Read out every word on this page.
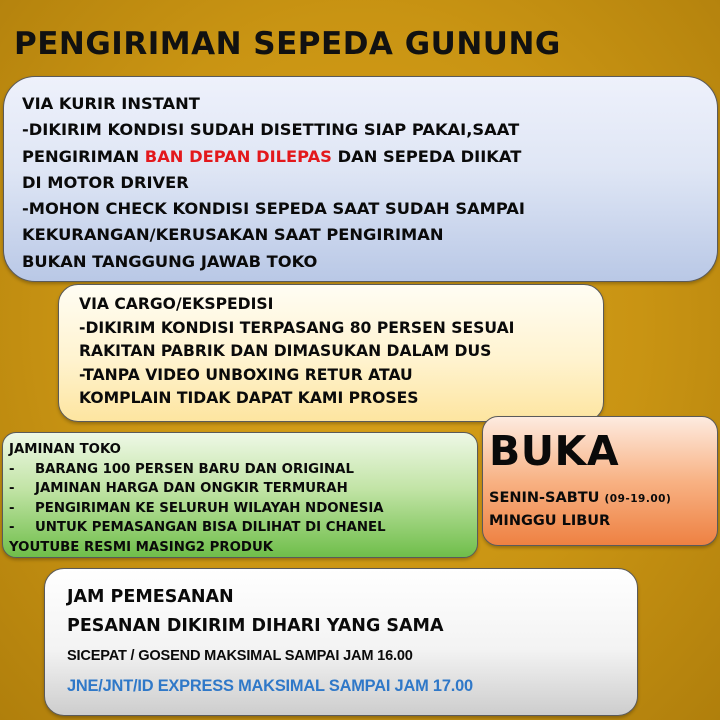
PENGIRIMAN SEPEDA GUNUNG
VIA KURIR INSTANT
-DIKIRIM KONDISI SUDAH DISETTING SIAP PAKAI,SAAT
PENGIRIMAN BAN DEPAN DILEPAS DAN SEPEDA DIIKAT
DI MOTOR DRIVER
-MOHON CHECK KONDISI SEPEDA SAAT SUDAH SAMPAI
KEKURANGAN/KERUSAKAN SAAT PENGIRIMAN
BUKAN TANGGUNG JAWAB TOKO
VIA CARGO/EKSPEDISI
-DIKIRIM KONDISI TERPASANG 80 PERSEN SESUAI
RAKITAN PABRIK DAN DIMASUKAN DALAM DUS
-TANPA VIDEO UNBOXING RETUR ATAU
KOMPLAIN TIDAK DAPAT KAMI PROSES
JAMINAN TOKO
- BARANG 100 PERSEN BARU DAN ORIGINAL
- JAMINAN HARGA DAN ONGKIR TERMURAH
- PENGIRIMAN KE SELURUH WILAYAH NDONESIA
- UNTUK PEMASANGAN BISA DILIHAT DI CHANEL
YOUTUBE RESMI MASING2 PRODUK
BUKA
SENIN-SABTU (09-19.00)
MINGGU LIBUR
JAM PEMESANAN
PESANAN DIKIRIM DIHARI YANG SAMA
SICEPAT / GOSEND MAKSIMAL SAMPAI JAM 16.00
JNE/JNT/ID EXPRESS MAKSIMAL SAMPAI JAM 17.00
